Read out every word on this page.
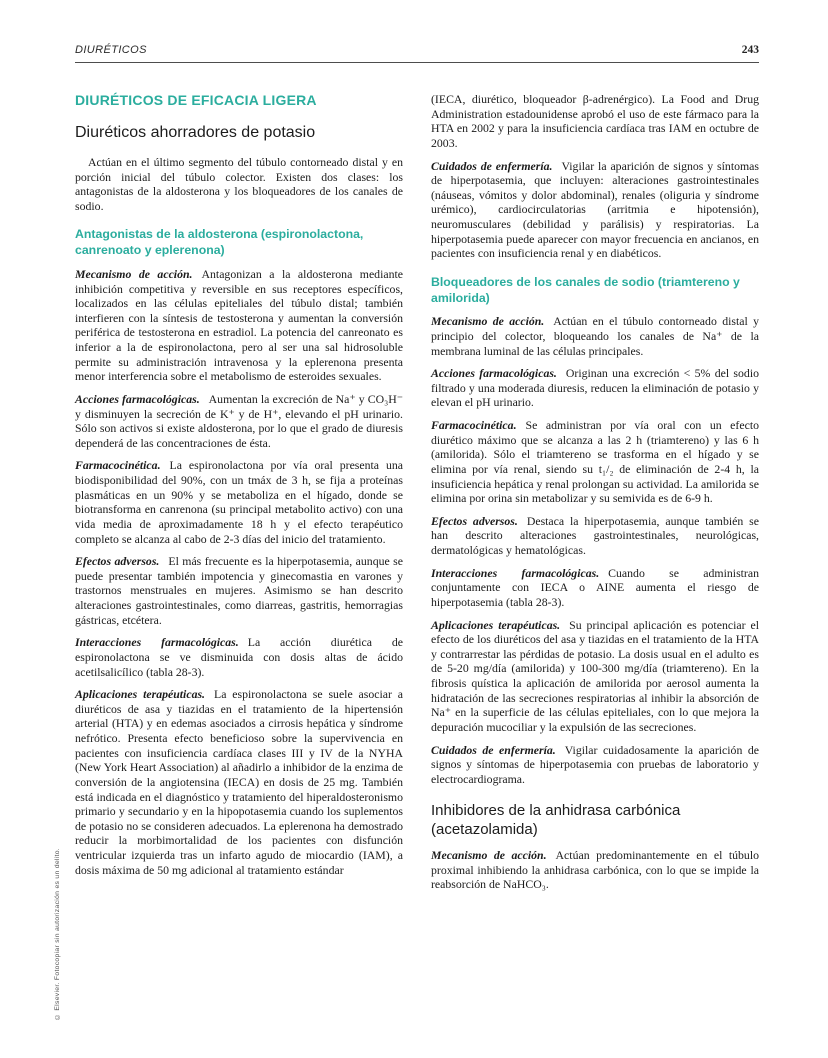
© Elsevier. Fotocopiar sin autorización es un delito.
DIURÉTICOS	243
DIURÉTICOS DE EFICACIA LIGERA
Diuréticos ahorradores de potasio

Actúan en el último segmento del túbulo contorneado distal y en porción inicial del túbulo colector. Existen dos clases: los antagonistas de la aldosterona y los bloqueadores de los canales de sodio.

Antagonistas de la aldosterona (espironolactona, canrenoato y eplerenona)

Mecanismo de acción. Antagonizan a la aldosterona mediante inhibición competitiva y reversible en sus receptores específicos, localizados en las células epiteliales del túbulo distal; también interfieren con la síntesis de testosterona y aumentan la conversión periférica de testosterona en estradiol. La potencia del canreonato es inferior a la de espironolactona, pero al ser una sal hidrosoluble permite su administración intravenosa y la eplerenona presenta menor interferencia sobre el metabolismo de esteroides sexuales.

Acciones farmacológicas. Aumentan la excreción de Na⁺ y CO₃H⁻ y disminuyen la secreción de K⁺ y de H⁺, elevando el pH urinario. Sólo son activos si existe aldosterona, por lo que el grado de diuresis dependerá de las concentraciones de ésta.

Farmacocinética. La espironolactona por vía oral presenta una biodisponibilidad del 90%, con un tmáx de 3 h, se fija a proteínas plasmáticas en un 90% y se metaboliza en el hígado, donde se biotransforma en canrenona (su principal metabolito activo) con una vida media de aproximadamente 18 h y el efecto terapéutico completo se alcanza al cabo de 2-3 días del inicio del tratamiento.

Efectos adversos. El más frecuente es la hiperpotasemia, aunque se puede presentar también impotencia y ginecomastia en varones y trastornos menstruales en mujeres. Asimismo se han descrito alteraciones gastrointestinales, como diarreas, gastritis, hemorragias gástricas, etcétera.

Interacciones farmacológicas. La acción diurética de espironolactona se ve disminuida con dosis altas de ácido acetilsalicílico (tabla 28-3).

Aplicaciones terapéuticas. La espironolactona se suele asociar a diuréticos de asa y tiazidas en el tratamiento de la hipertensión arterial (HTA) y en edemas asociados a cirrosis hepática y síndrome nefrótico. Presenta efecto beneficioso sobre la supervivencia en pacientes con insuficiencia cardíaca clases III y IV de la NYHA (New York Heart Association) al añadirlo a inhibidor de la enzima de conversión de la angiotensina (IECA) en dosis de 25 mg. También está indicada en el diagnóstico y tratamiento del hiperaldosteronismo primario y secundario y en la hipopotasemia cuando los suplementos de potasio no se consideren adecuados. La eplerenona ha demostrado reducir la morbimortalidad de los pacientes con disfunción ventricular izquierda tras un infarto agudo de miocardio (IAM), a dosis máxima de 50 mg adicional al tratamiento estándar

(IECA, diurético, bloqueador β-adrenérgico). La Food and Drug Administration estadounidense aprobó el uso de este fármaco para la HTA en 2002 y para la insuficiencia cardíaca tras IAM en octubre de 2003.

Cuidados de enfermería. Vigilar la aparición de signos y síntomas de hiperpotasemia, que incluyen: alteraciones gastrointestinales (náuseas, vómitos y dolor abdominal), renales (oliguria y síndrome urémico), cardiocirculatorias (arritmia e hipotensión), neuromusculares (debilidad y parálisis) y respiratorias. La hiperpotasemia puede aparecer con mayor frecuencia en ancianos, en pacientes con insuficiencia renal y en diabéticos.

Bloqueadores de los canales de sodio (triamtereno y amilorida)

Mecanismo de acción. Actúan en el túbulo contorneado distal y principio del colector, bloqueando los canales de Na⁺ de la membrana luminal de las células principales.

Acciones farmacológicas. Originan una excreción < 5% del sodio filtrado y una moderada diuresis, reducen la eliminación de potasio y elevan el pH urinario.

Farmacocinética. Se administran por vía oral con un efecto diurético máximo que se alcanza a las 2 h (triamtereno) y las 6 h (amilorida). Sólo el triamtereno se trasforma en el hígado y se elimina por vía renal, siendo su t₁/₂ de eliminación de 2-4 h, la insuficiencia hepática y renal prolongan su actividad. La amilorida se elimina por orina sin metabolizar y su semivida es de 6-9 h.

Efectos adversos. Destaca la hiperpotasemia, aunque también se han descrito alteraciones gastrointestinales, neurológicas, dermatológicas y hematológicas.

Interacciones farmacológicas. Cuando se administran conjuntamente con IECA o AINE aumenta el riesgo de hiperpotasemia (tabla 28-3).

Aplicaciones terapéuticas. Su principal aplicación es potenciar el efecto de los diuréticos del asa y tiazidas en el tratamiento de la HTA y contrarrestar las pérdidas de potasio. La dosis usual en el adulto es de 5-20 mg/día (amilorida) y 100-300 mg/día (triamtereno). En la fibrosis quística la aplicación de amilorida por aerosol aumenta la hidratación de las secreciones respiratorias al inhibir la absorción de Na⁺ en la superficie de las células epiteliales, con lo que mejora la depuración mucociliar y la expulsión de las secreciones.

Cuidados de enfermería. Vigilar cuidadosamente la aparición de signos y síntomas de hiperpotasemia con pruebas de laboratorio y electrocardiograma.

Inhibidores de la anhidrasa carbónica (acetazolamida)

Mecanismo de acción. Actúan predominantemente en el túbulo proximal inhibiendo la anhidrasa carbónica, con lo que se impide la reabsorción de NaHCO₃.
